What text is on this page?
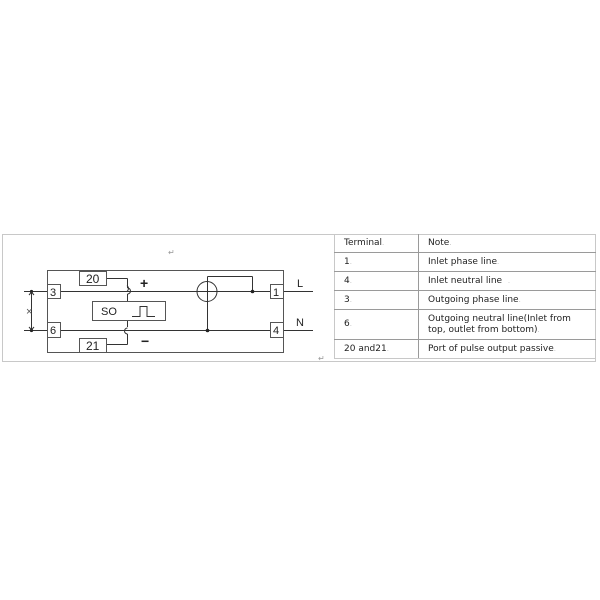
3
6
1
4
20
21
SO
L
N
+
−
×
↵
↵
Terminal.	Note.
1.	Inlet phase line.
4.	Inlet neutral line .
3.	Outgoing phase line.
6.	Outgoing neutral line(Inlet from top, outlet from bottom).
20 and21.	Port of pulse output passive.
